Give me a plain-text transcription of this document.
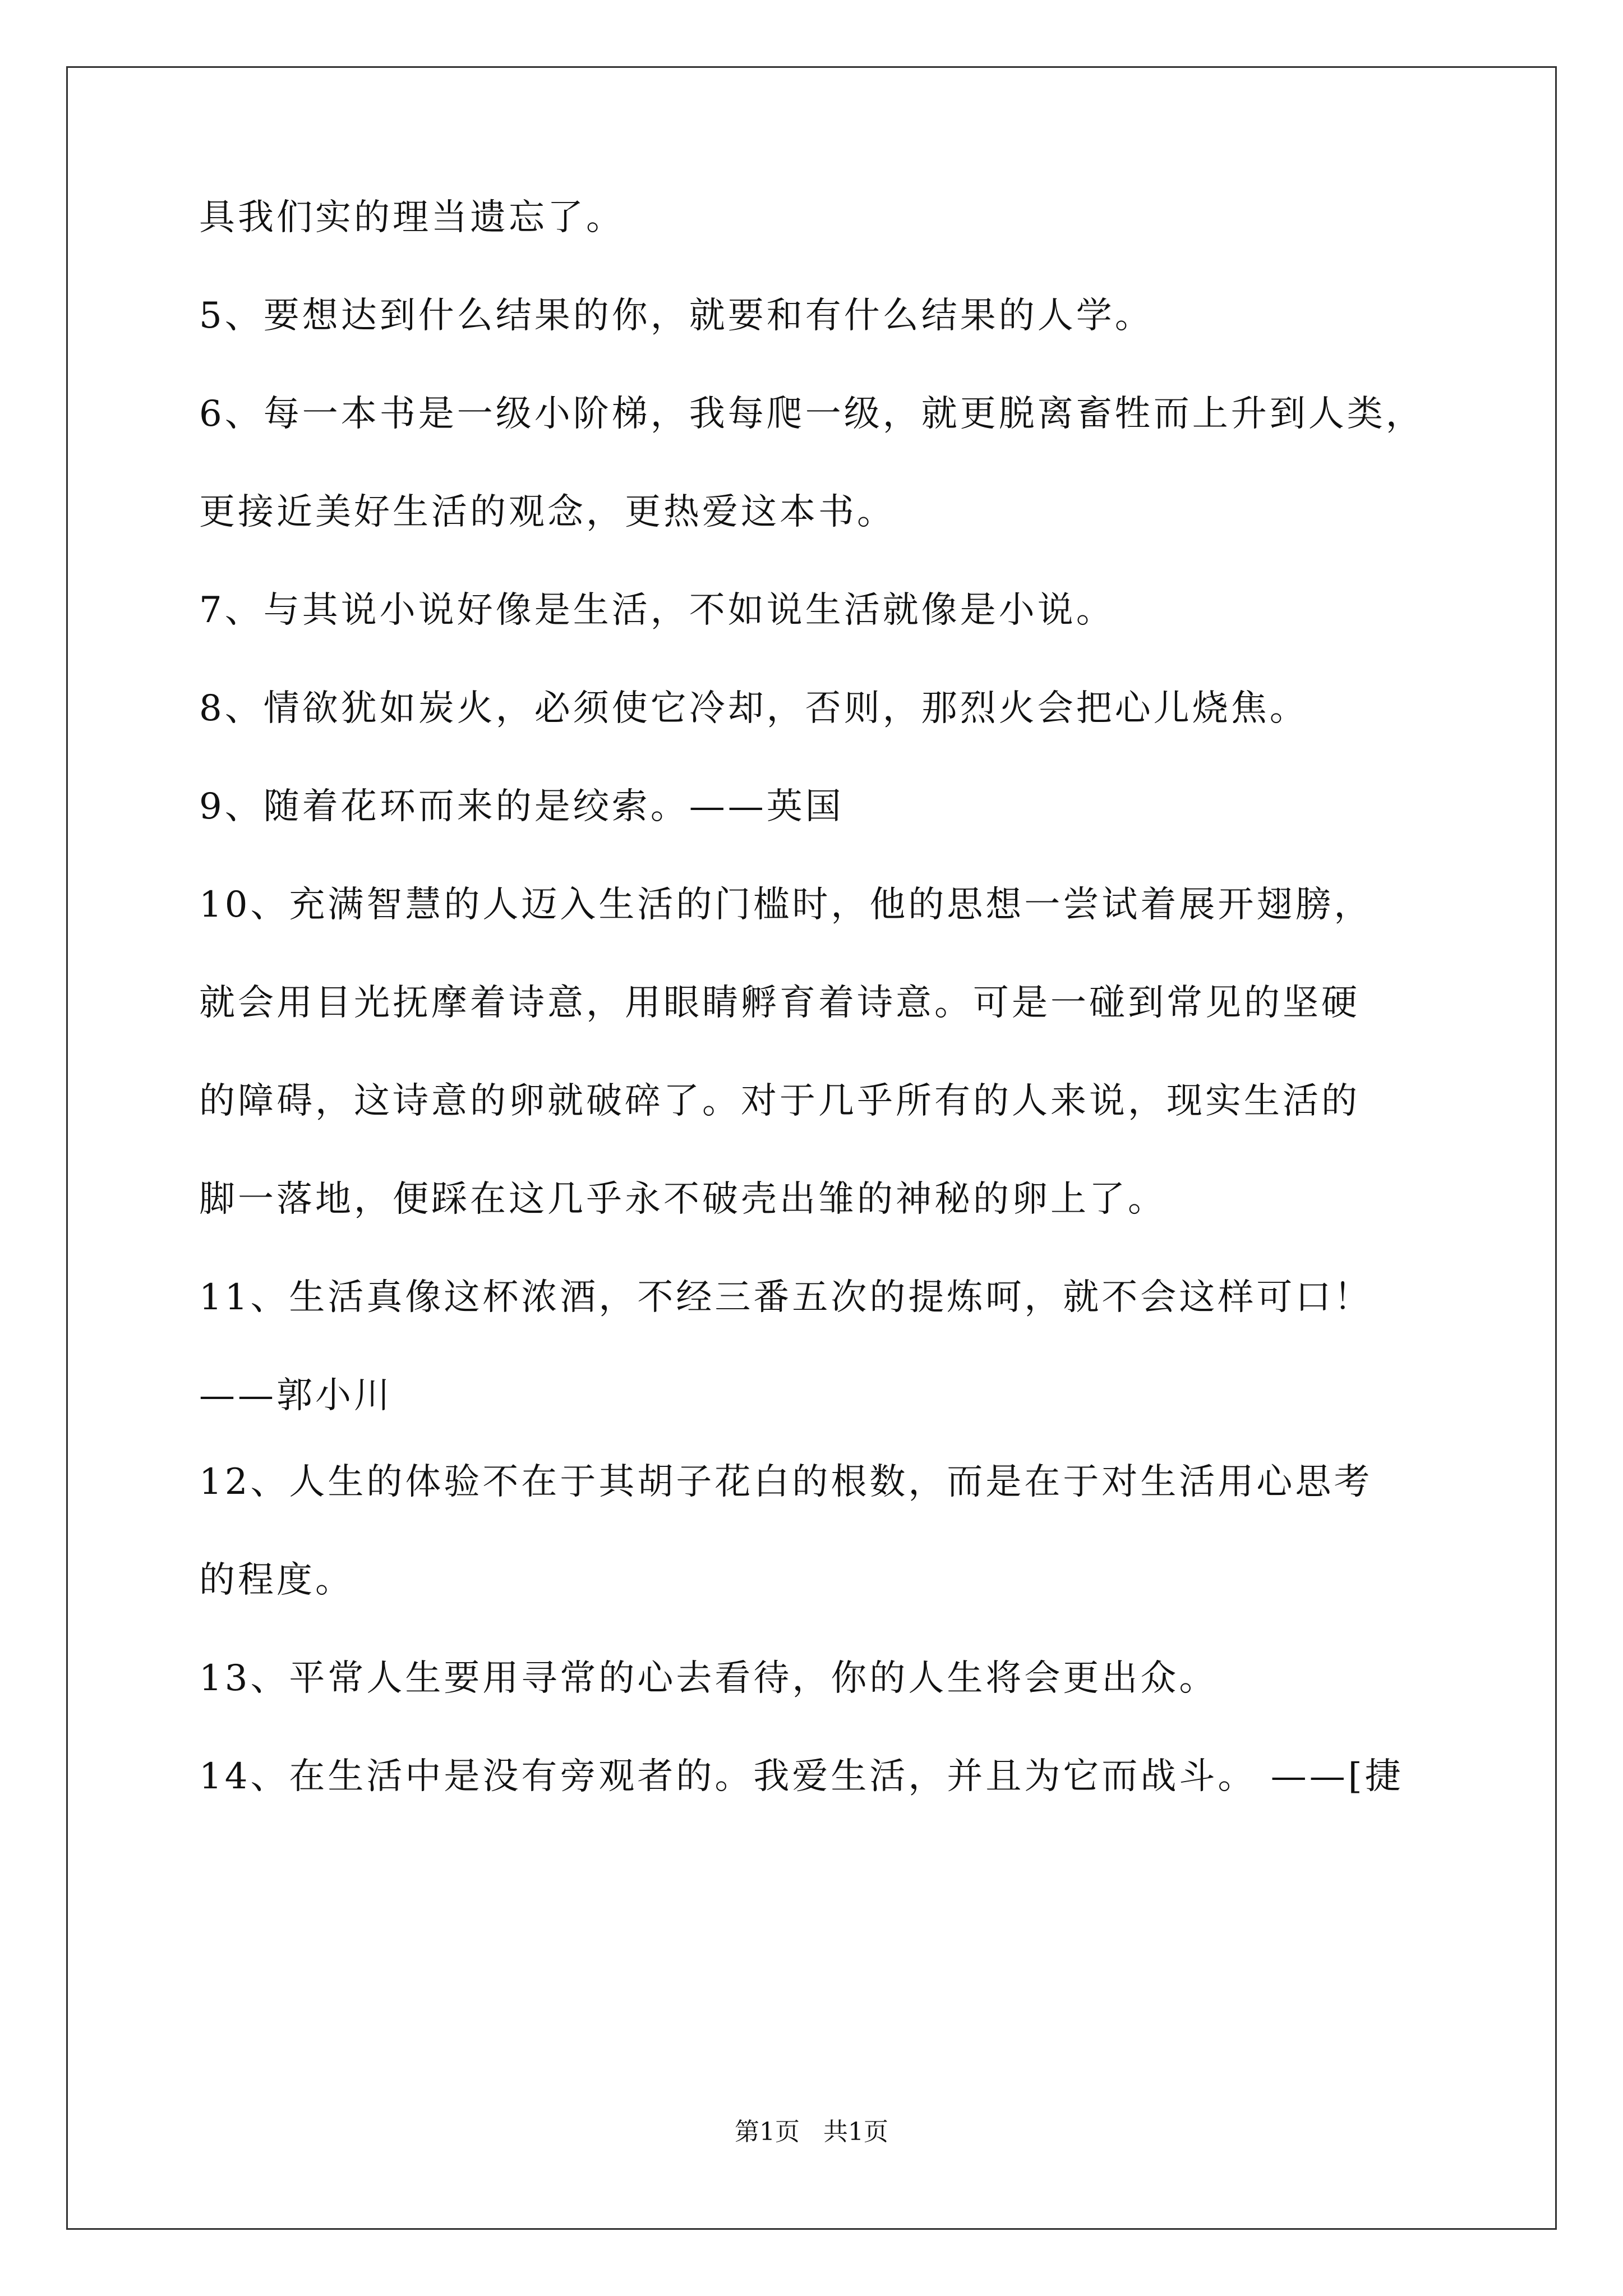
具我们实的理当遗忘了。
5、要想达到什么结果的你，就要和有什么结果的人学。
6、每一本书是一级小阶梯，我每爬一级，就更脱离畜牲而上升到人类，
更接近美好生活的观念，更热爱这本书。
7、与其说小说好像是生活，不如说生活就像是小说。
8、情欲犹如炭火，必须使它冷却，否则，那烈火会把心儿烧焦。
9、随着花环而来的是绞索。——英国
10、充满智慧的人迈入生活的门槛时，他的思想一尝试着展开翅膀，
就会用目光抚摩着诗意，用眼睛孵育着诗意。可是一碰到常见的坚硬
的障碍，这诗意的卵就破碎了。对于几乎所有的人来说，现实生活的
脚一落地，便踩在这几乎永不破壳出雏的神秘的卵上了。
11、生活真像这杯浓酒，不经三番五次的提炼呵，就不会这样可口！
——郭小川
12、人生的体验不在于其胡子花白的根数，而是在于对生活用心思考
的程度。
13、平常人生要用寻常的心去看待，你的人生将会更出众。
14、在生活中是没有旁观者的。我爱生活，并且为它而战斗。 ——[捷
第1页   共1页
